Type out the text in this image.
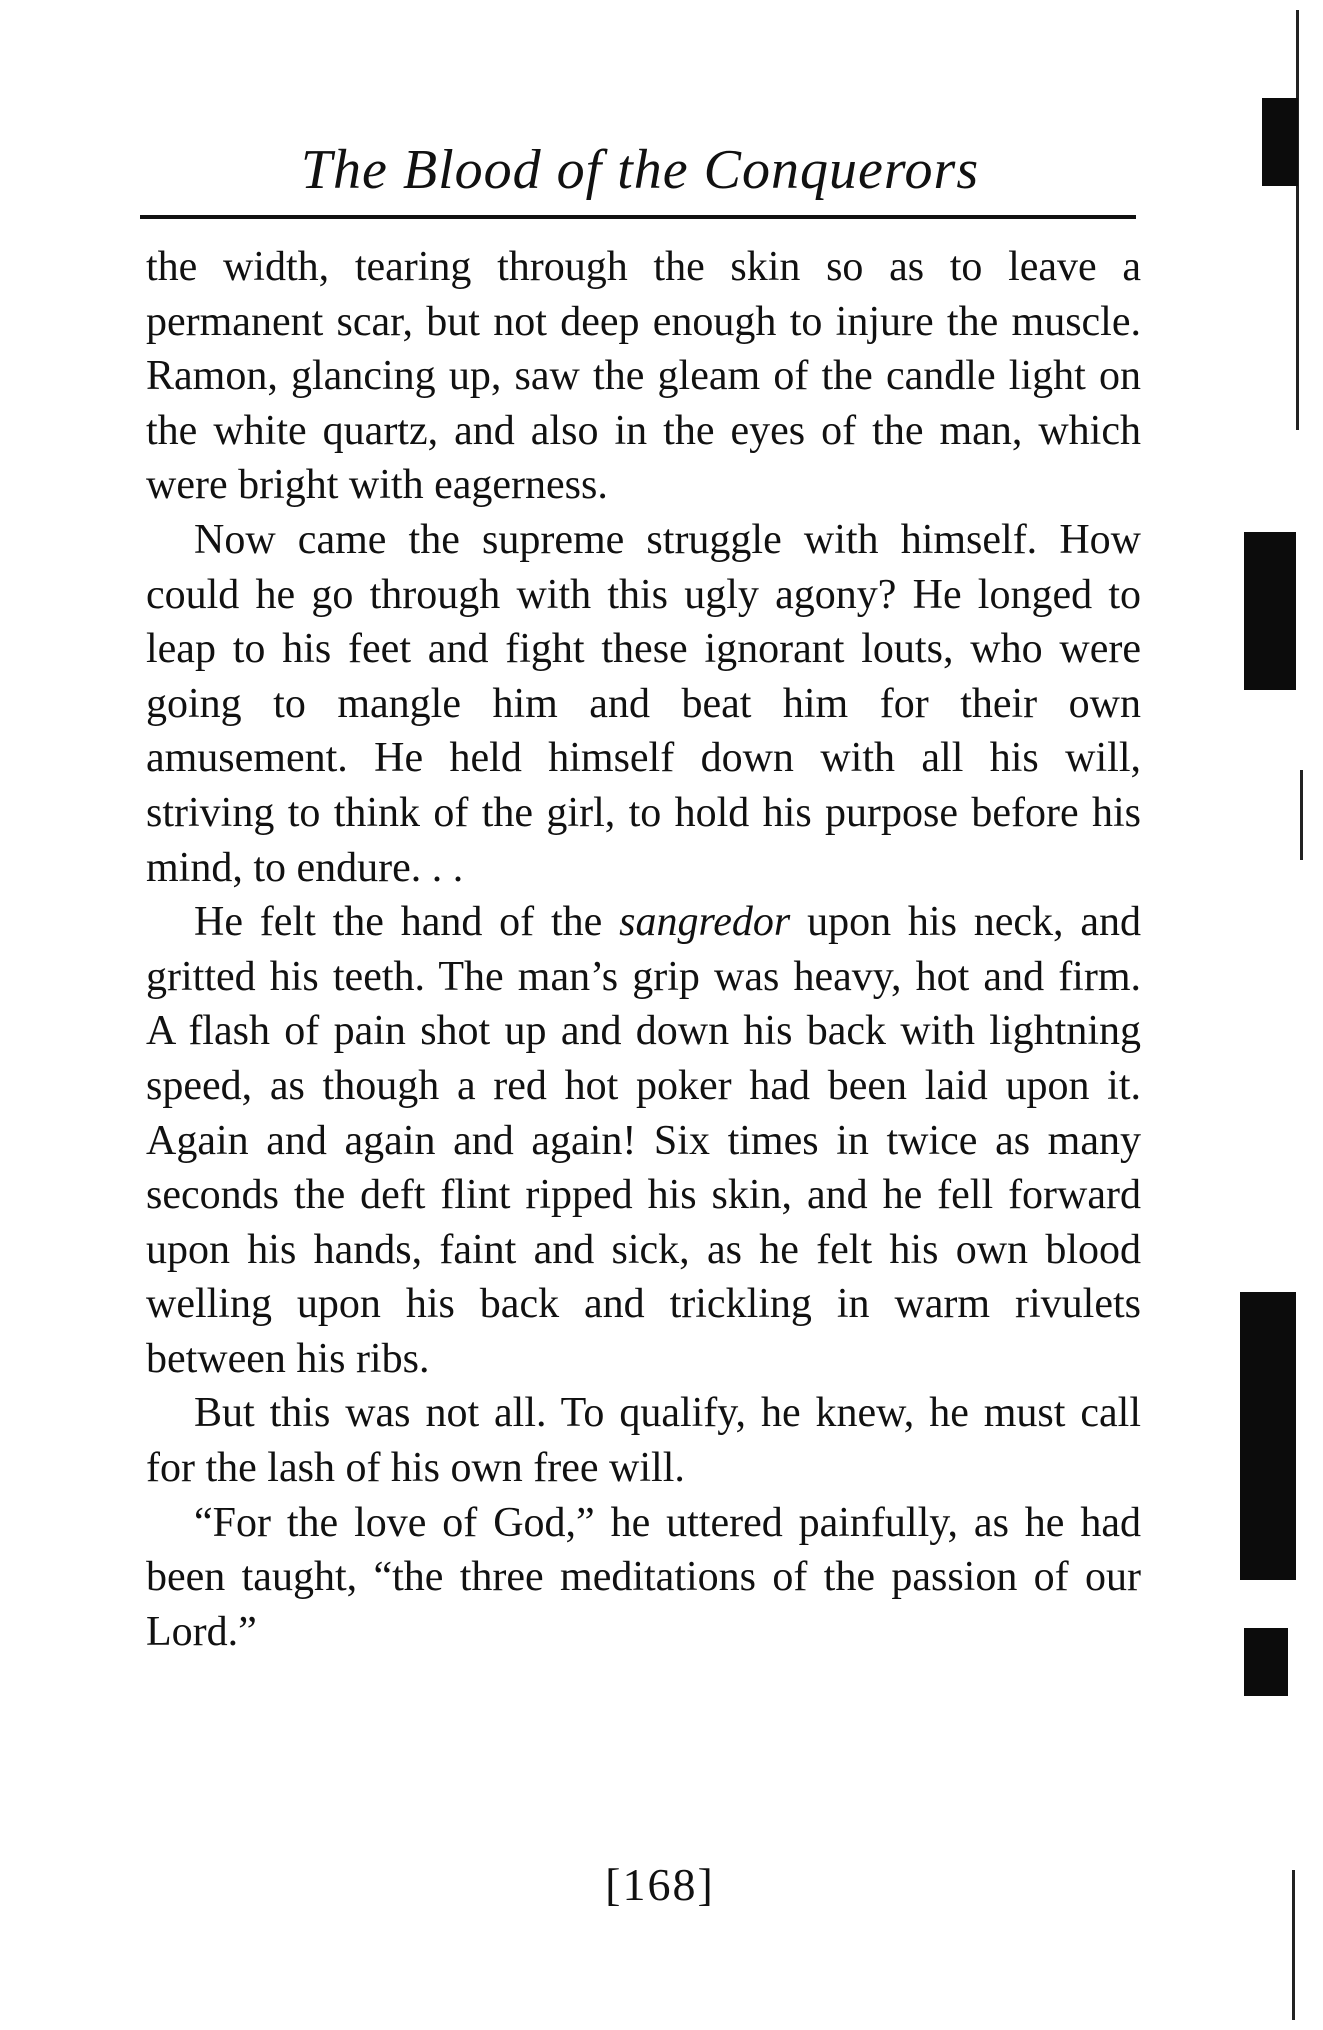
The Blood of the Conquerors

the width, tearing through the skin so as to leave a permanent scar, but not deep enough to injure the muscle. Ramon, glancing up, saw the gleam of the candle light on the white quartz, and also in the eyes of the man, which were bright with eagerness.

Now came the supreme struggle with himself. How could he go through with this ugly agony? He longed to leap to his feet and fight these ignorant louts, who were going to mangle him and beat him for their own amusement. He held himself down with all his will, striving to think of the girl, to hold his purpose before his mind, to endure. . .

He felt the hand of the sangredor upon his neck, and gritted his teeth. The man’s grip was heavy, hot and firm. A flash of pain shot up and down his back with lightning speed, as though a red hot poker had been laid upon it. Again and again and again! Six times in twice as many seconds the deft flint ripped his skin, and he fell forward upon his hands, faint and sick, as he felt his own blood welling upon his back and trickling in warm rivulets between his ribs.

But this was not all. To qualify, he knew, he must call for the lash of his own free will.

“For the love of God,” he uttered painfully, as he had been taught, “the three meditations of the passion of our Lord.”

[168]
